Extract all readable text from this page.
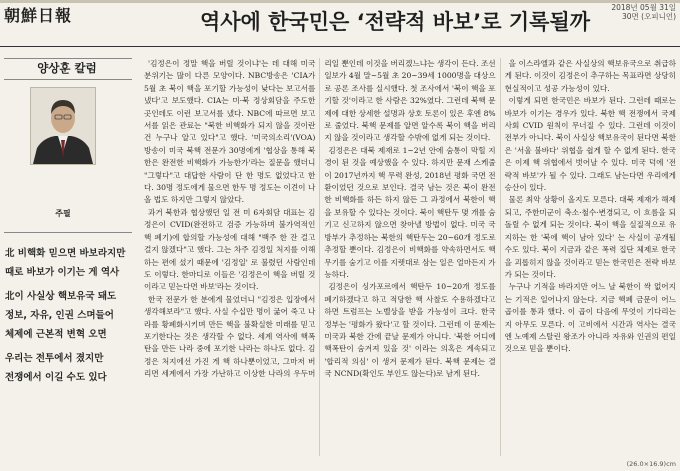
朝鮮日報	2018년 05월 31일
30면 (오피니언)
역사에 한국민은 ‘전략적 바보’로 기록될까
양상훈 칼럼
주필

北 비핵화 믿으면 바보라지만
때로 바보가 이기는 게 역사

北이 사실상 핵보유국 돼도
정보, 자유, 인권 스며들어
체제에 근본적 변혁 오면

우리는 전투에서 졌지만
전쟁에서 이길 수도 있다

'김정은이 정말 핵을 버릴 것이냐'는 데 대해 미국 분위기는 많이 다른 모양이다. NBC방송은 'CIA가 5월 초 북이 핵을 포기할 가능성이 낮다는 보고서를 냈다'고 보도했다. CIA는 미·북 정상회담을 주도한 곳인데도 이런 보고서를 냈다. NBC에 따르면 보고서를 읽은 관료는 "북한 비핵화가 되지 않을 것이란 건 누구나 알고 있다"고 했다. '미국의소리'(VOA) 방송이 미국 북핵 전문가 30명에게 '협상을 통해 북한은 완전한 비핵화가 가능한가'라는 질문을 했더니 "그렇다"고 대답한 사람이 단 한 명도 없었다고 한다. 30명 정도에게 물으면 한두 명 정도는 이견이 나올 법도 하지만 그렇지 않았다.

과거 북한과 협상했던 일 전 미 6자회담 대표는 김정은이 CVID(완전하고 검증 가능하며 불가역적인 핵 폐기)에 합의할 가능성에 대해 "백주 한 잔 걸고 걸지 않겠다"고 했다. 그는 차주 김정일 처지를 이해하는 편에 섰기 때문에 '김정일' 로 불렸던 사람인데도 이렇다. 한마디로 이들은 '김정은이 핵을 버릴 것이라고 믿는다면 바보'라는 것이다.

한국 전문가 한 분에게 물었더니 "김정은 입장에서 생각해보라"고 했다. 사실 수십만 명이 굶어 죽고 나라를 황폐화시키며 만든 핵을 불확실한 미래를 믿고 포기한다는 것은 생각할 수 없다. 세계 역사에 핵폭탄을 만든 나라 중에 포기한 나라는 하나도 없다. 김정은 처지에선 가진 게 핵 하나뿐이었고, 그마저 버리면 세계에서 가장 가난하고 이상한 나라의 우두머리일 뿐인데 이것을 버리겠느냐는 생각이 든다. 조선일보가 4월 말~5월 초 20~39세 1000명을 대상으로 공론 조사를 실시했다. 첫 조사에서 '북이 핵을 포기할 것'이라고 한 사람은 32%였다. 그런데 북핵 문제에 대한 상세한 설명과 상호 토론이 있은 후엔 8%로 줄었다. 북핵 문제를 알면 알수록 북이 핵을 버리지 않을 것이라고 생각할 수밖에 없게 되는 것이다.

김정은은 대북 제재로 1~2년 안에 숨통이 막힐 지경이 된 것을 예상했을 수 있다. 하지만 문재 스케줄이 2017년까지 핵 무력 완성, 2018년 평화 국면 전환이었던 것으로 보인다. 결국 남는 것은 북이 완전한 비핵화를 하든 하지 않든 그 과정에서 북한이 핵을 보유할 수 있다는 것이다. 북이 핵탄두 몇 개를 숨기고 신고하지 않으면 찾아낼 방법이 없다. 미국 국방부가 추정하는 북한의 핵탄두는 20~60개 정도로 추정할 뿐이다. 김정은이 비핵화를 약속하면서도 핵 무기를 숨기고 이를 지렛대로 삼는 일은 얼마든지 가능하다.

김정은이 싱가포르에서 핵탄두 10~20개 정도를 폐기하겠다고 하고 적당한 핵 사찰도 수용하겠다고 하면 트럼프는 노벨상을 받을 가능성이 크다. 한국 정부는 '평화가 왔다'고 할 것이다. 그런데 이 문제는 미국과 북한 간에 끝날 문제가 아니다. '북한 어디에 핵폭탄이 숨겨져 있을 것' 이라는 의혹은 계속되고 '합리적 의심' 이 생겨 문제가 된다. 북핵 문제는 결국 NCND(확인도 부인도 않는다)로 남게 된다.

을 이스라엘과 같은 사실상의 핵보유국으로 취급하게 된다. 이것이 김정은이 추구하는 목표라면 상당히 현실적이고 성공 가능성이 있다.

이렇게 되면 한국민은 바보가 된다. 그런데 때로는 바보가 이기는 경우가 있다. 북한 핵 전쟁에서 국제사회 CVID 원칙이 무너질 수 있다. 그런데 이것이 전부가 아니다. 북이 사실상 핵보유국이 된다면 북한은 '서울 불바다' 위협을 쉽게 할 수 없게 된다. 한국은 이제 핵 위협에서 벗어날 수 있다. 미국 덕에 '전략적 바보'가 될 수 있다. 그래도 남는다면 우리에게 승산이 있다.

물론 최악 상황이 올지도 모른다. 대북 제재가 해제되고, 주한미군이 축소·철수·변경되고, 이 흐름을 되돌릴 수 없게 되는 것이다. 북이 핵을 실질적으로 유지하는 한 '북에 핵이 남아 있다' 는 사실이 공개될 수도 있다. 북이 지금과 같은 폭력 집단 체제로 한국을 괴롭히지 않을 것이라고 믿는 한국민은 전략 바보가 되는 것이다.

누구나 기적을 바라지만 어느 날 북한이 싹 없어지는 기적은 일어나지 않는다. 지금 핵폐 금문이 어느 곱이를 통과 했다. 이 곱이 다음에 무엇이 기다리는지 아무도 모른다. 이 고비에서 시간과 역사는 결국엔 노예제 스탈린 왕조가 아니라 자유와 인권의 편일 것으로 믿을 뿐이다.

(26.0×16.9)cm
